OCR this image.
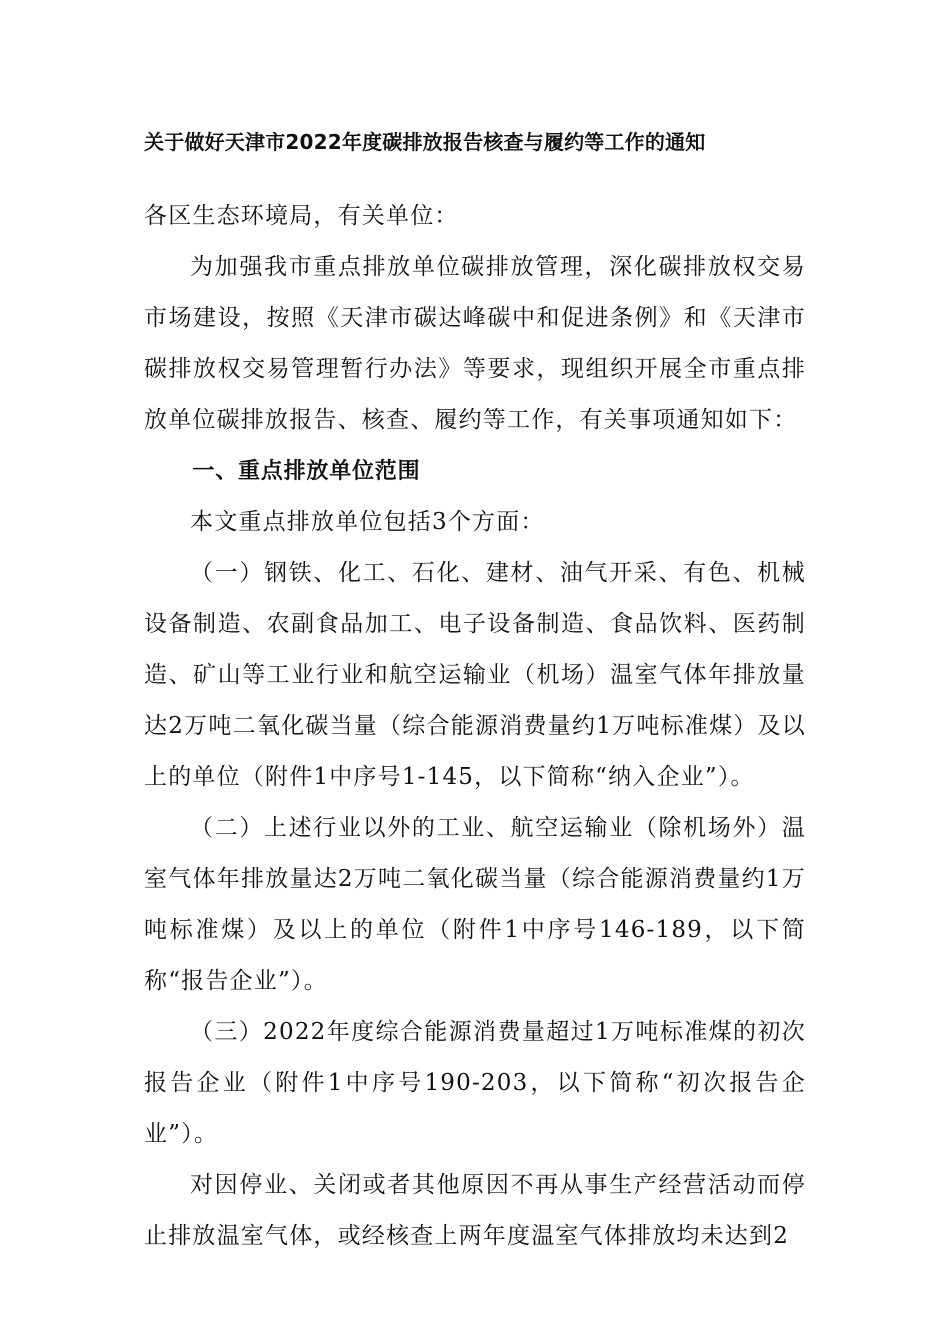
关于做好天津市2022年度碳排放报告核查与履约等工作的通知

各区生态环境局，有关单位：

为加强我市重点排放单位碳排放管理，深化碳排放权交易市场建设，按照《天津市碳达峰碳中和促进条例》和《天津市碳排放权交易管理暂行办法》等要求，现组织开展全市重点排放单位碳排放报告、核查、履约等工作，有关事项通知如下：

一、重点排放单位范围

本文重点排放单位包括3个方面：

（一）钢铁、化工、石化、建材、油气开采、有色、机械设备制造、农副食品加工、电子设备制造、食品饮料、医药制造、矿山等工业行业和航空运输业（机场）温室气体年排放量达2万吨二氧化碳当量（综合能源消费量约1万吨标准煤）及以上的单位（附件1中序号1-145，以下简称“纳入企业”）。

（二）上述行业以外的工业、航空运输业（除机场外）温室气体年排放量达2万吨二氧化碳当量（综合能源消费量约1万吨标准煤）及以上的单位（附件1中序号146-189，以下简称“报告企业”）。

（三）2022年度综合能源消费量超过1万吨标准煤的初次报告企业（附件1中序号190-203，以下简称“初次报告企业”）。

对因停业、关闭或者其他原因不再从事生产经营活动而停止排放温室气体，或经核查上两年度温室气体排放均未达到2
